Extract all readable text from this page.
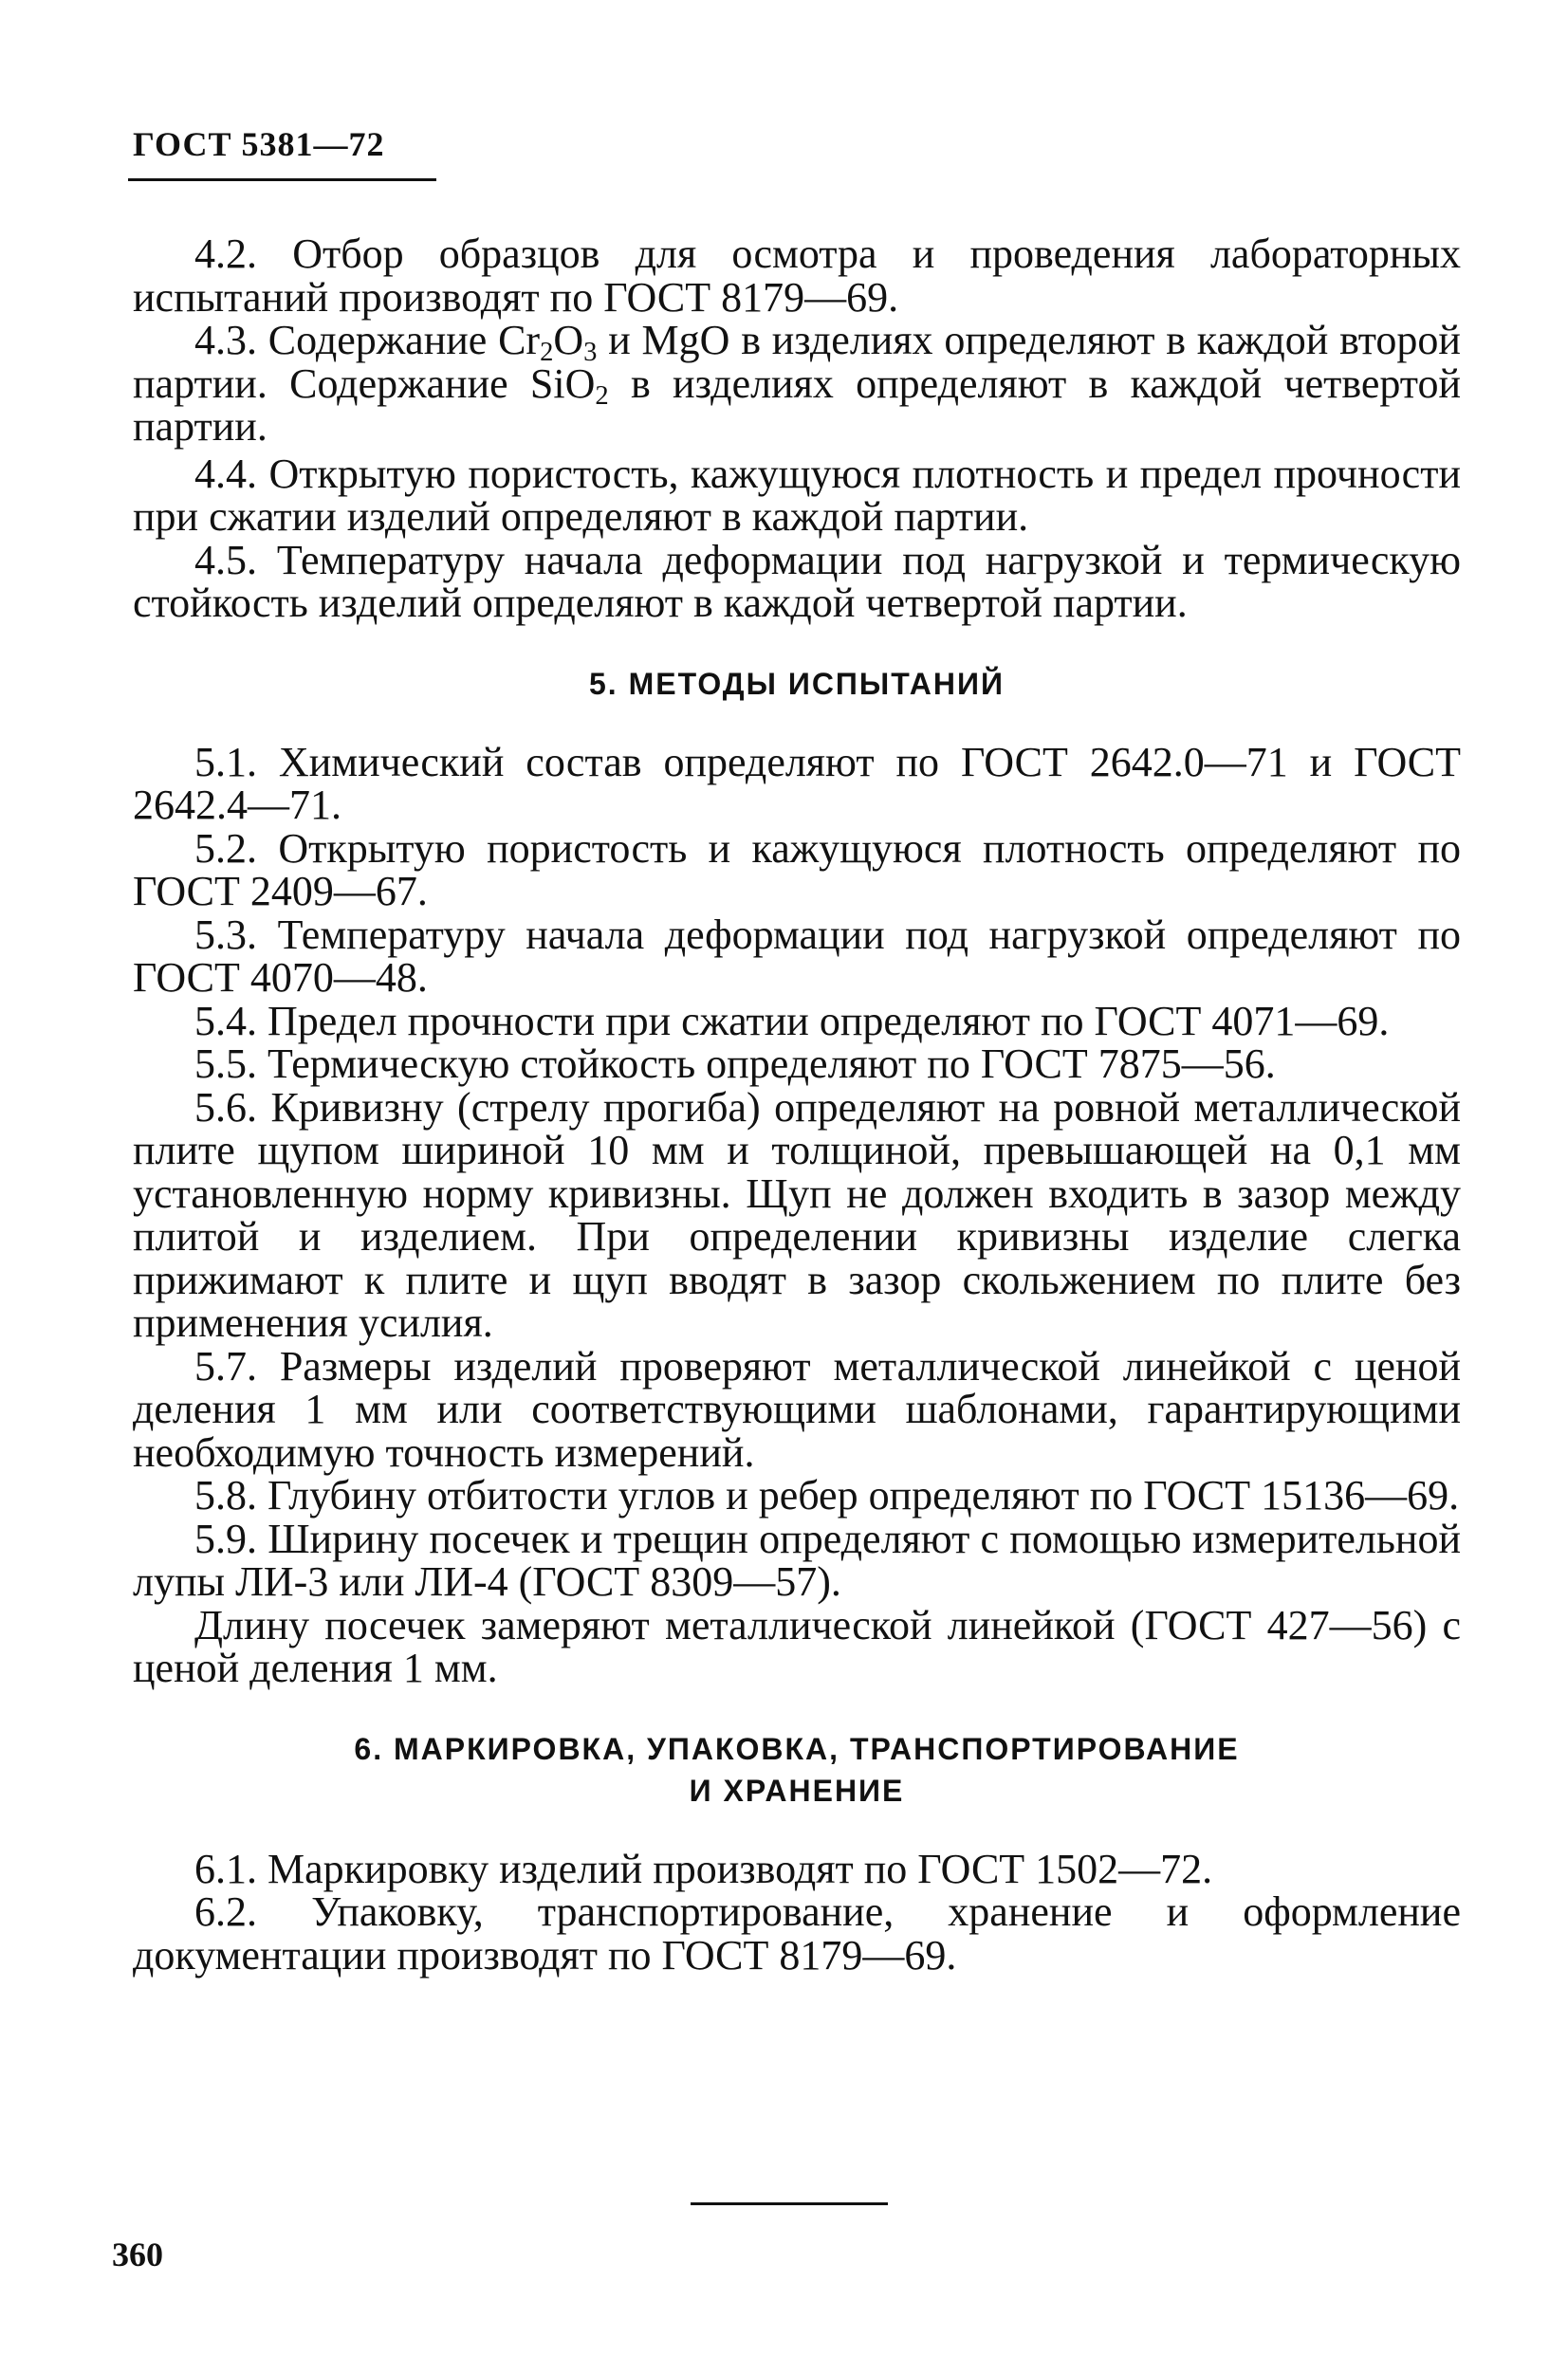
ГОСТ 5381—72

4.2. Отбор образцов для осмотра и проведения лабораторных испытаний производят по ГОСТ 8179—69.

4.3. Содержание $Cr_2O_3$ и MgO в изделиях определяют в каждой второй партии. Содержание SiO$_2$ в изделиях определяют в каждой четвертой партии.

4.4. Открытую пористость, кажущуюся плотность и предел прочности при сжатии изделий определяют в каждой партии.

4.5. Температуру начала деформации под нагрузкой и термическую стойкость изделий определяют в каждой четвертой партии.

5. МЕТОДЫ ИСПЫТАНИЙ

5.1. Химический состав определяют по ГОСТ 2642.0—71 и ГОСТ 2642.4—71.

5.2. Открытую пористость и кажущуюся плотность определяют по ГОСТ 2409—67.

5.3. Температуру начала деформации под нагрузкой определяют по ГОСТ 4070—48.

5.4. Предел прочности при сжатии определяют по ГОСТ 4071—69.

5.5. Термическую стойкость определяют по ГОСТ 7875—56.

5.6. Кривизну (стрелу прогиба) определяют на ровной металлической плите щупом шириной 10 мм и толщиной, превышающей на 0,1 мм установленную норму кривизны. Щуп не должен входить в зазор между плитой и изделием. При определении кривизны изделие слегка прижимают к плите и щуп вводят в зазор скольжением по плите без применения усилия.

5.7. Размеры изделий проверяют металлической линейкой с ценой деления 1 мм или соответствующими шаблонами, гарантирующими необходимую точность измерений.

5.8. Глубину отбитости углов и ребер определяют по ГОСТ 15136—69.

5.9. Ширину посечек и трещин определяют с помощью измерительной лупы ЛИ-3 или ЛИ-4 (ГОСТ 8309—57).

Длину посечек замеряют металлической линейкой (ГОСТ 427—56) с ценой деления 1 мм.

6. МАРКИРОВКА, УПАКОВКА, ТРАНСПОРТИРОВАНИЕ
И ХРАНЕНИЕ

6.1. Маркировку изделий производят по ГОСТ 1502—72.

6.2. Упаковку, транспортирование, хранение и оформление документации производят по ГОСТ 8179—69.

360
